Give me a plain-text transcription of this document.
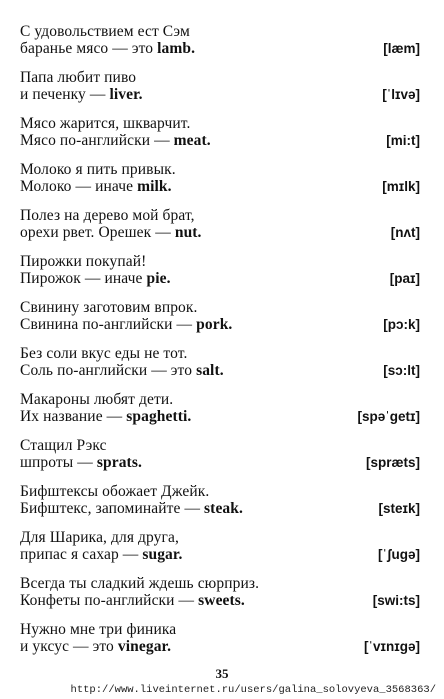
С удовольствием ест Сэм
баранье мясо — это lamb.	[læm]
Папа любит пиво
и печенку — liver.	[ˈlɪvə]
Мясо жарится, шкварчит.
Мясо по-английски — meat.	[mi:t]
Молоко я пить привык.
Молоко — иначе milk.	[mɪlk]
Полез на дерево мой брат,
орехи рвет. Орешек — nut.	[nʌt]
Пирожки покупай!
Пирожок — иначе pie.	[paɪ]
Свинину заготовим впрок.
Свинина по-английски — pork.	[pɔ:k]
Без соли вкус еды не тот.
Соль по-английски — это salt.	[sɔ:lt]
Макароны любят дети.
Их название — spaghetti.	[spəˈgetɪ]
Стащил Рэкс
шпроты — sprats.	[spræts]
Бифштексы обожает Джейк.
Бифштекс, запоминайте — steak.	[steɪk]
Для Шарика, для друга,
припас я сахар — sugar.	[ˈʃugə]
Всегда ты сладкий ждешь сюрприз.
Конфеты по-английски — sweets.	[swi:ts]
Нужно мне три финика
и уксус — это vinegar.	[ˈvɪnɪgə]
35
http://www.liveinternet.ru/users/galina_solovyeva_3568363/
